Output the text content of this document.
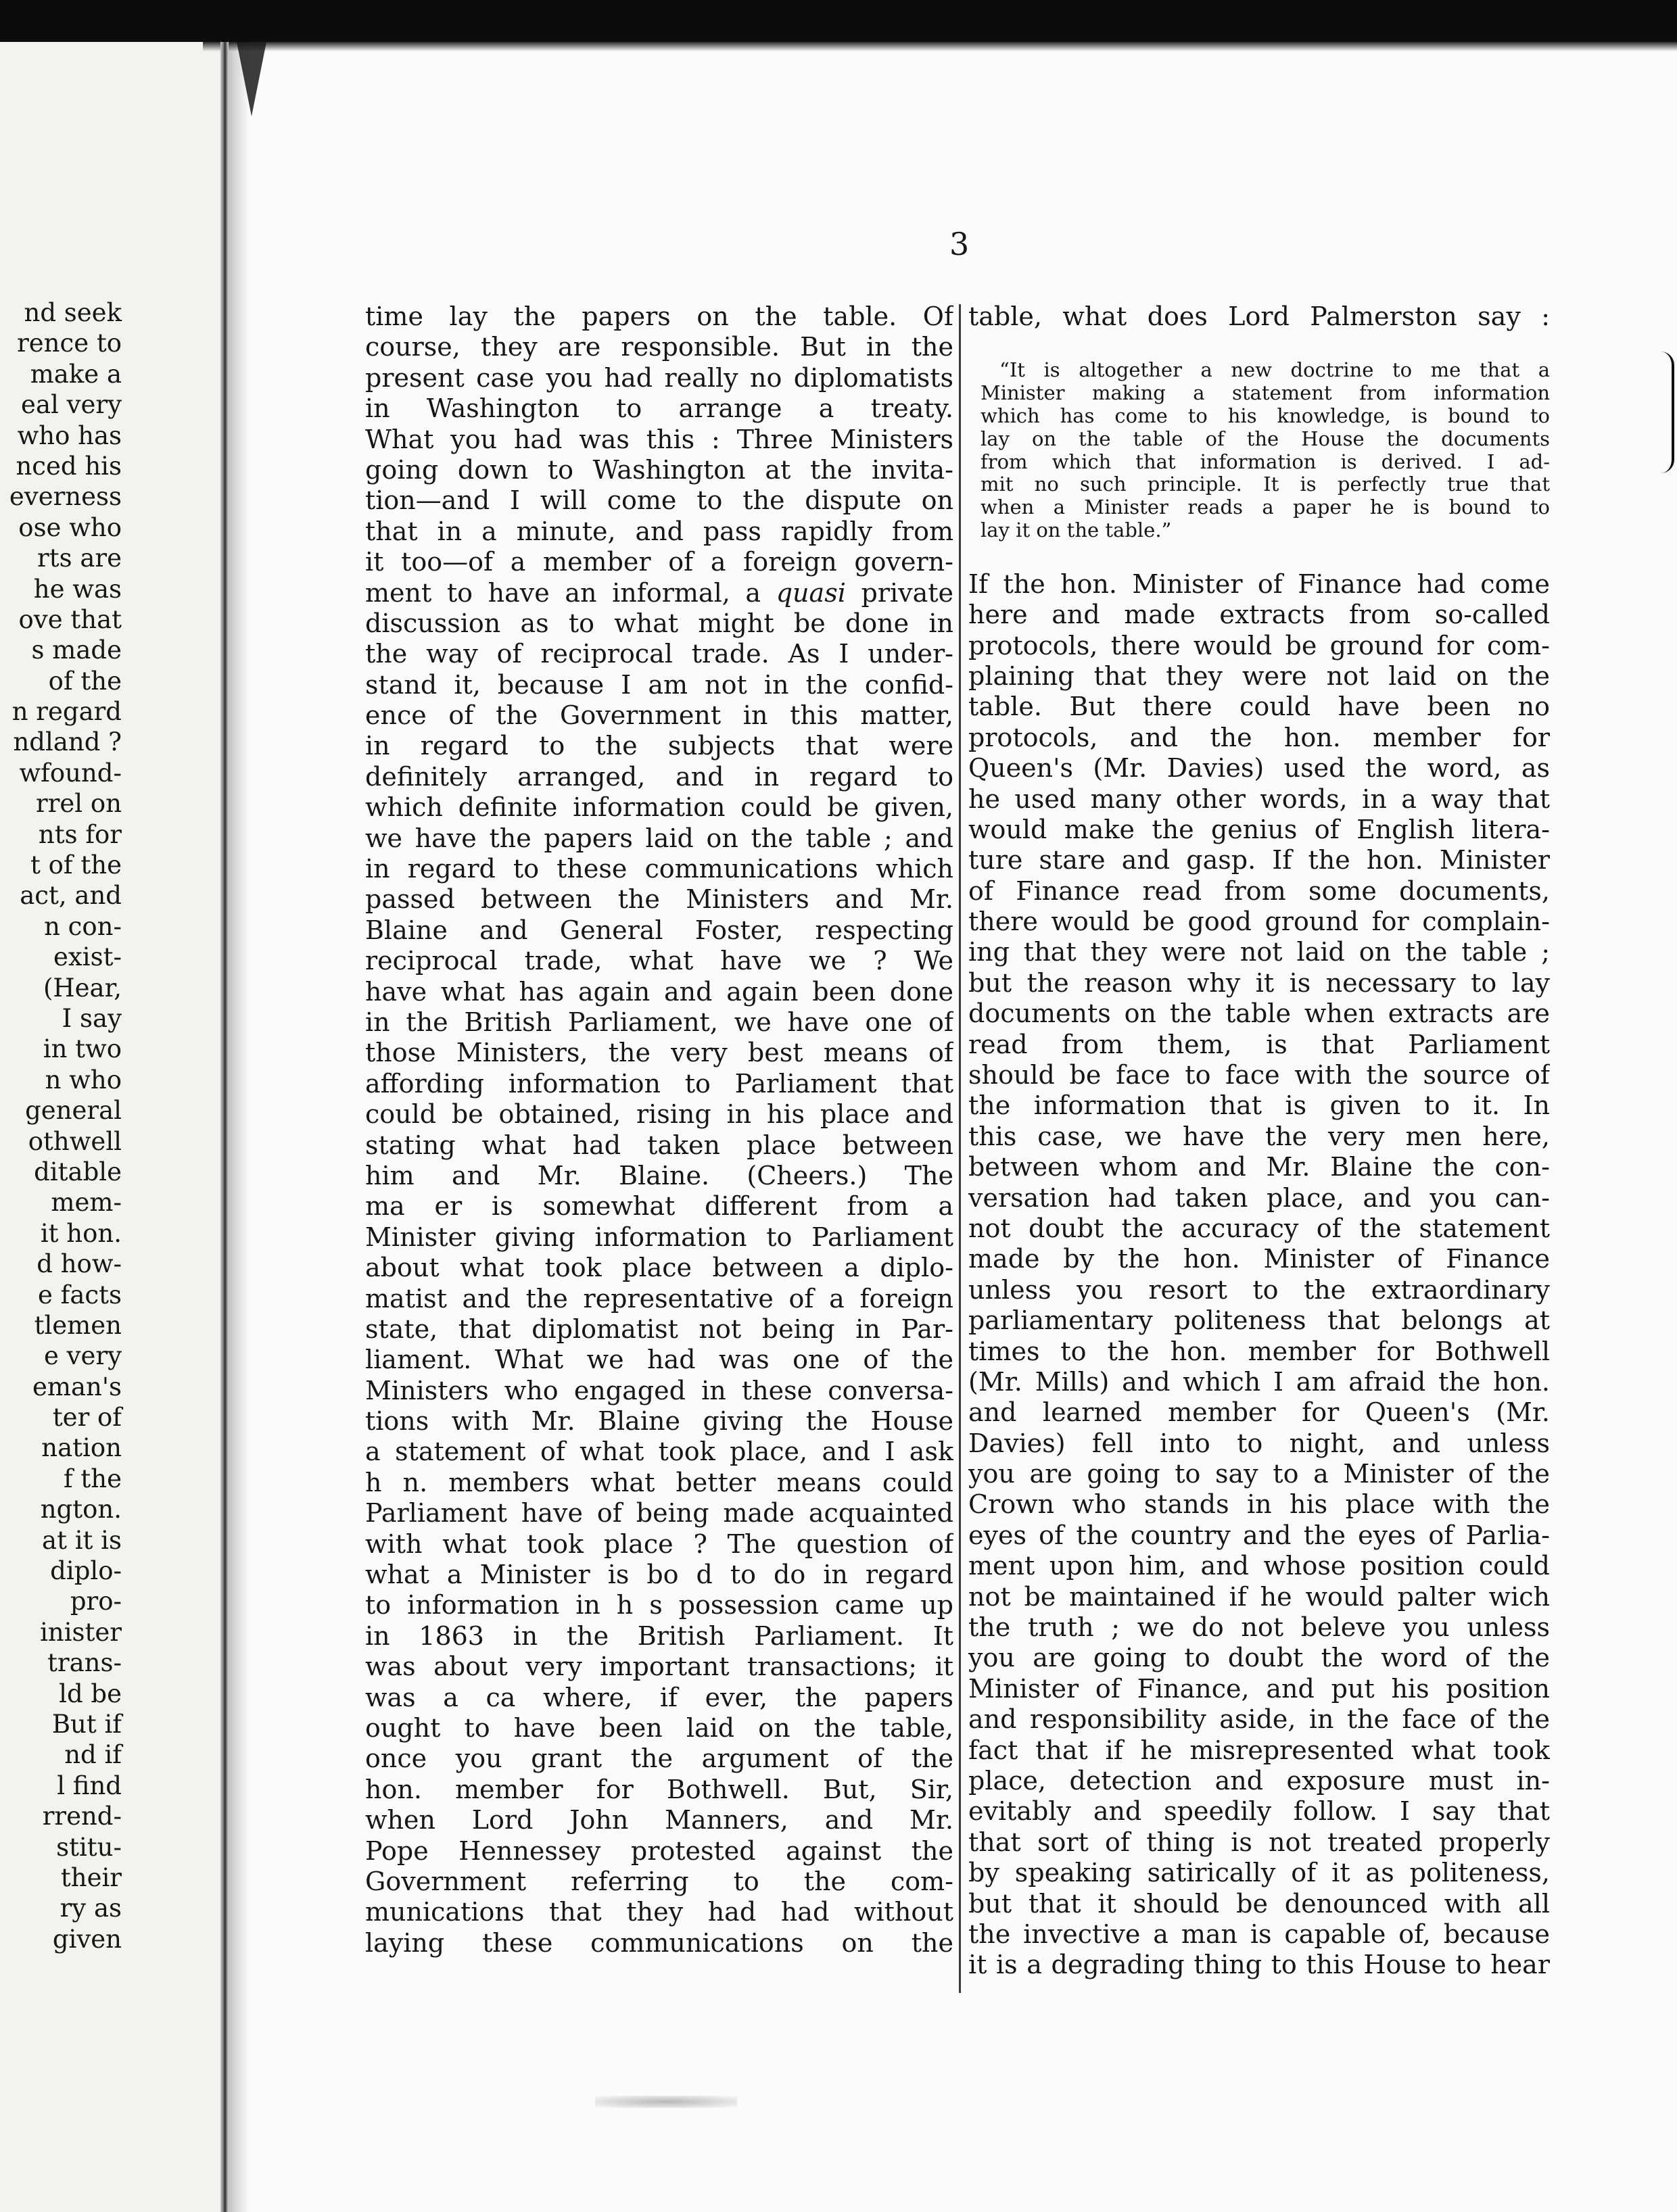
3
nd seek
rence to
make a
eal very
who has
nced his
everness
ose who
rts are
he was
ove that
s made
of the
n regard
ndland ?
wfound-
rrel on
nts for
t of the
act, and
n con-
exist-
(Hear,
I say
in two
n who
general
othwell
ditable
mem-
it hon.
d how-
e facts
tlemen
e very
eman's
ter of
nation
f the
ngton.
at it is
diplo-
pro-
inister
trans-
ld be
But if
nd if
l find
rrend-
stitu-
their
ry as
given
time lay the papers on the table. Of
course, they are responsible. But in the
present case you had really no diplomatists
in Washington to arrange a treaty.
What you had was this : Three Ministers
going down to Washington at the invita-
tion—and I will come to the dispute on
that in a minute, and pass rapidly from
it too—of a member of a foreign govern-
ment to have an informal, a quasi private
discussion as to what might be done in
the way of reciprocal trade. As I under-
stand it, because I am not in the confid-
ence of the Government in this matter,
in regard to the subjects that were
definitely arranged, and in regard to
which definite information could be given,
we have the papers laid on the table ; and
in regard to these communications which
passed between the Ministers and Mr.
Blaine and General Foster, respecting
reciprocal trade, what have we ? We
have what has again and again been done
in the British Parliament, we have one of
those Ministers, the very best means of
affording information to Parliament that
could be obtained, rising in his place and
stating what had taken place between
him and Mr. Blaine. (Cheers.) The
ma er is somewhat different from a
Minister giving information to Parliament
about what took place between a diplo-
matist and the representative of a foreign
state, that diplomatist not being in Par-
liament. What we had was one of the
Ministers who engaged in these conversa-
tions with Mr. Blaine giving the House
a statement of what took place, and I ask
h n. members what better means could
Parliament have of being made acquainted
with what took place ? The question of
what a Minister is bo d to do in regard
to information in h s possession came up
in 1863 in the British Parliament. It
was about very important transactions; it
was a ca where, if ever, the papers
ought to have been laid on the table,
once you grant the argument of the
hon. member for Bothwell. But, Sir,
when Lord John Manners, and Mr.
Pope Hennessey protested against the
Government referring to the com-
munications that they had had without
laying these communications on the
table, what does Lord Palmerston say :
“It is altogether a new doctrine to me that a
Minister making a statement from information
which has come to his knowledge, is bound to
lay on the table of the House the documents
from which that information is derived. I ad-
mit no such principle. It is perfectly true that
when a Minister reads a paper he is bound to
lay it on the table.”
If the hon. Minister of Finance had come
here and made extracts from so-called
protocols, there would be ground for com-
plaining that they were not laid on the
table. But there could have been no
protocols, and the hon. member for
Queen's (Mr. Davies) used the word, as
he used many other words, in a way that
would make the genius of English litera-
ture stare and gasp. If the hon. Minister
of Finance read from some documents,
there would be good ground for complain-
ing that they were not laid on the table ;
but the reason why it is necessary to lay
documents on the table when extracts are
read from them, is that Parliament
should be face to face with the source of
the information that is given to it. In
this case, we have the very men here,
between whom and Mr. Blaine the con-
versation had taken place, and you can-
not doubt the accuracy of the statement
made by the hon. Minister of Finance
unless you resort to the extraordinary
parliamentary politeness that belongs at
times to the hon. member for Bothwell
(Mr. Mills) and which I am afraid the hon.
and learned member for Queen's (Mr.
Davies) fell into to night, and unless
you are going to say to a Minister of the
Crown who stands in his place with the
eyes of the country and the eyes of Parlia-
ment upon him, and whose position could
not be maintained if he would palter wich
the truth ; we do not beleve you unless
you are going to doubt the word of the
Minister of Finance, and put his position
and responsibility aside, in the face of the
fact that if he misrepresented what took
place, detection and exposure must in-
evitably and speedily follow. I say that
that sort of thing is not treated properly
by speaking satirically of it as politeness,
but that it should be denounced with all
the invective a man is capable of, because
it is a degrading thing to this House to hear
